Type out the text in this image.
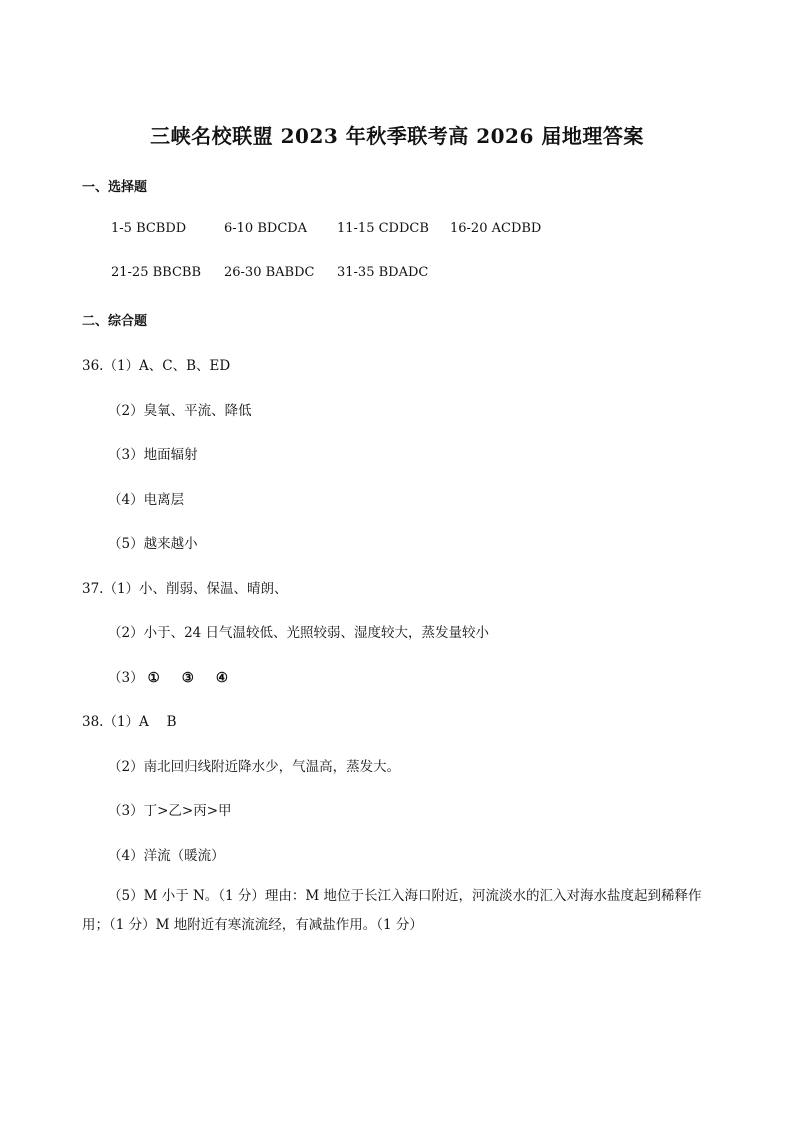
三峡名校联盟 2023 年秋季联考高 2026 届地理答案
一、选择题
1-5 BCBDD	6-10 BDCDA 11-15 CDDCB 16-20 ACDBD
21-25 BBCBB 26-30 BABDC 31-35 BDADC
二、综合题
36.（1）A、C、B、ED
（2）臭氧、平流、降低
（3）地面辐射
（4）电离层
（5）越来越小
37.（1）小、削弱、保温、晴朗、
（2）小于、24 日气温较低、光照较弱、湿度较大，蒸发量较小
（3） ① ③ ④
38.（1）A　 B
（2）南北回归线附近降水少，气温高，蒸发大。
（3）丁>乙>丙>甲
（4）洋流（暖流）
（5）M 小于 N。（1 分）理由：M 地位于长江入海口附近，河流淡水的汇入对海水盐度起到稀释作用；（1 分）M 地附近有寒流流经，有减盐作用。（1 分）
